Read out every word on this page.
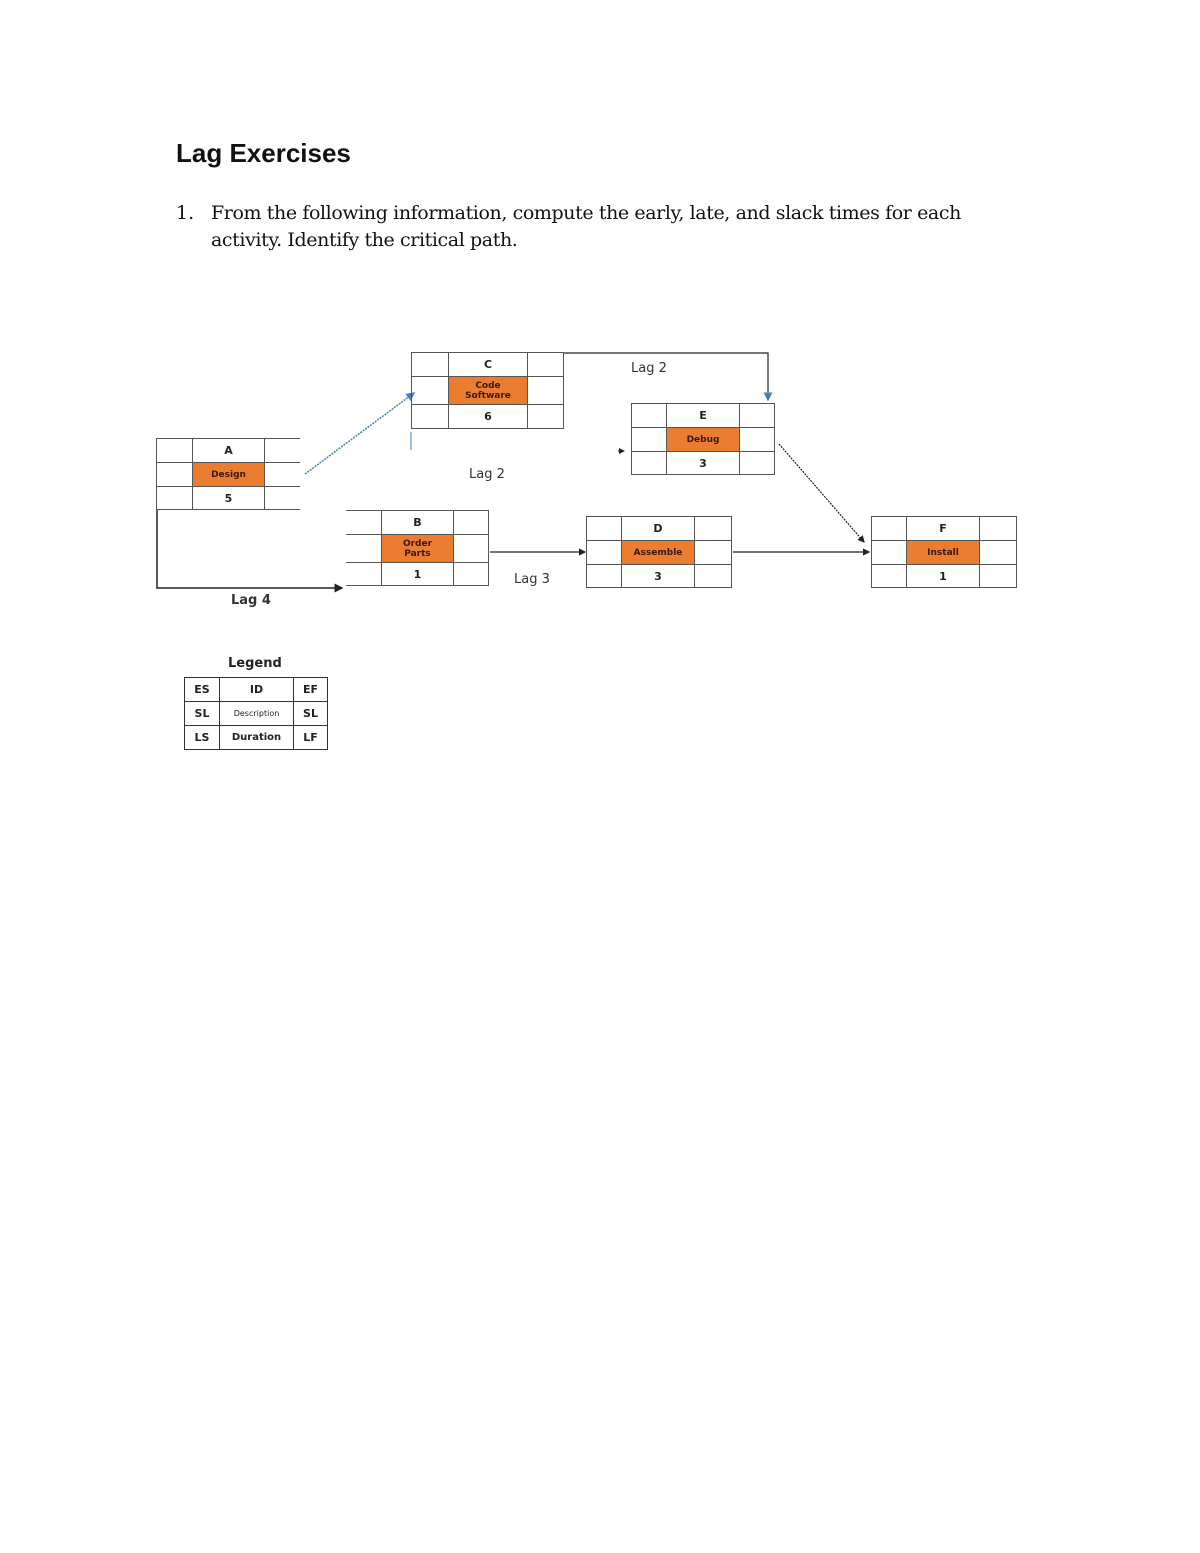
Lag Exercises
1. From the following information, compute the early, late, and slack times for each activity. Identify the critical path.
	A	
	Design	
	5	
	C	
	Code Software	
	6	
		E	
	Debug	
	3	
	B	
	Order Parts	
	1	
	D	
	Assemble	
	3	
	F	
	Install	
	1	
Lag 2
Lag 2
Lag 3
Lag 4
Legend
ES	ID	EF
SL	Description	SL
LS	Duration	LF
